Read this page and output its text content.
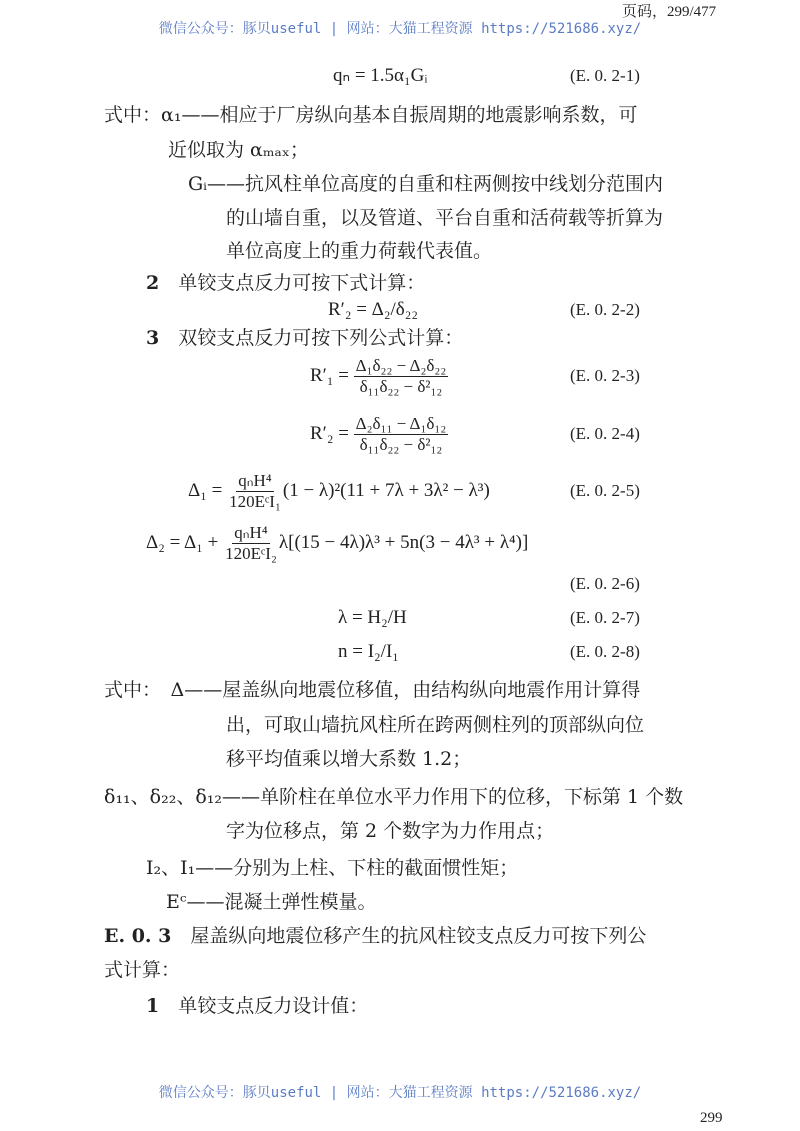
页码，299/477
微信公众号：豚贝useful | 网站：大猫工程资源 https://521686.xyz/
qₙ = 1.5α₁Gᵢ	(E. 0. 2-1)
式中：α₁——相应于厂房纵向基本自振周期的地震影响系数，可
近似取为 αₘₐₓ；
Gᵢ——抗风柱单位高度的自重和柱两侧按中线划分范围内
的山墙自重，以及管道、平台自重和活荷载等折算为
单位高度上的重力荷载代表值。
2　 单铰支点反力可按下式计算：
R′₂ = Δ₂/δ₂₂	(E. 0. 2-2)
3　 双铰支点反力可按下列公式计算：
$R'_1 = \frac{\text{Δ₁δ₂₂ − Δ₂δ₂₂}}{\text{δ₁₁δ₂₂ − δ²₁₂}}$	(E. 0. 2-3)
$R'_2 = \frac{\text{Δ₂δ₁₁ − Δ₁δ₁₂}}{\text{δ₁₁δ₂₂ − δ²₁₂}}$	(E. 0. 2-4)
$\Delta_1 = \frac{\text{qₙH⁴}}{\text{120EᶜI₁}} (1 - \lambda)^2(11 + 7\lambda + 3\lambda^2 - \lambda^3)$	(E. 0. 2-5)
$\Delta_2 = \Delta_1 + \frac{\text{qₙH⁴}}{\text{120EᶜI₂}} \lambda[(15 - 4\lambda)\lambda^3 + 5n(3 - 4\lambda^3 + \lambda^4)]$
(E. 0. 2-6)
λ = H₂/H	(E. 0. 2-7)
n = I₂/I₁	(E. 0. 2-8)
式中：　Δ——屋盖纵向地震位移值，由结构纵向地震作用计算得
出，可取山墙抗风柱所在跨两侧柱列的顶部纵向位
移平均值乘以增大系数 1.2；
δ₁₁、δ₂₂、δ₁₂——单阶柱在单位水平力作用下的位移，下标第 1 个数
字为位移点，第 2 个数字为力作用点；
I₂、I₁——分别为上柱、下柱的截面惯性矩；
Eᶜ——混凝土弹性模量。
E. 0. 3　 屋盖纵向地震位移产生的抗风柱铰支点反力可按下列公
式计算：
1　 单铰支点反力设计值：
微信公众号：豚贝useful | 网站：大猫工程资源 https://521686.xyz/
299
